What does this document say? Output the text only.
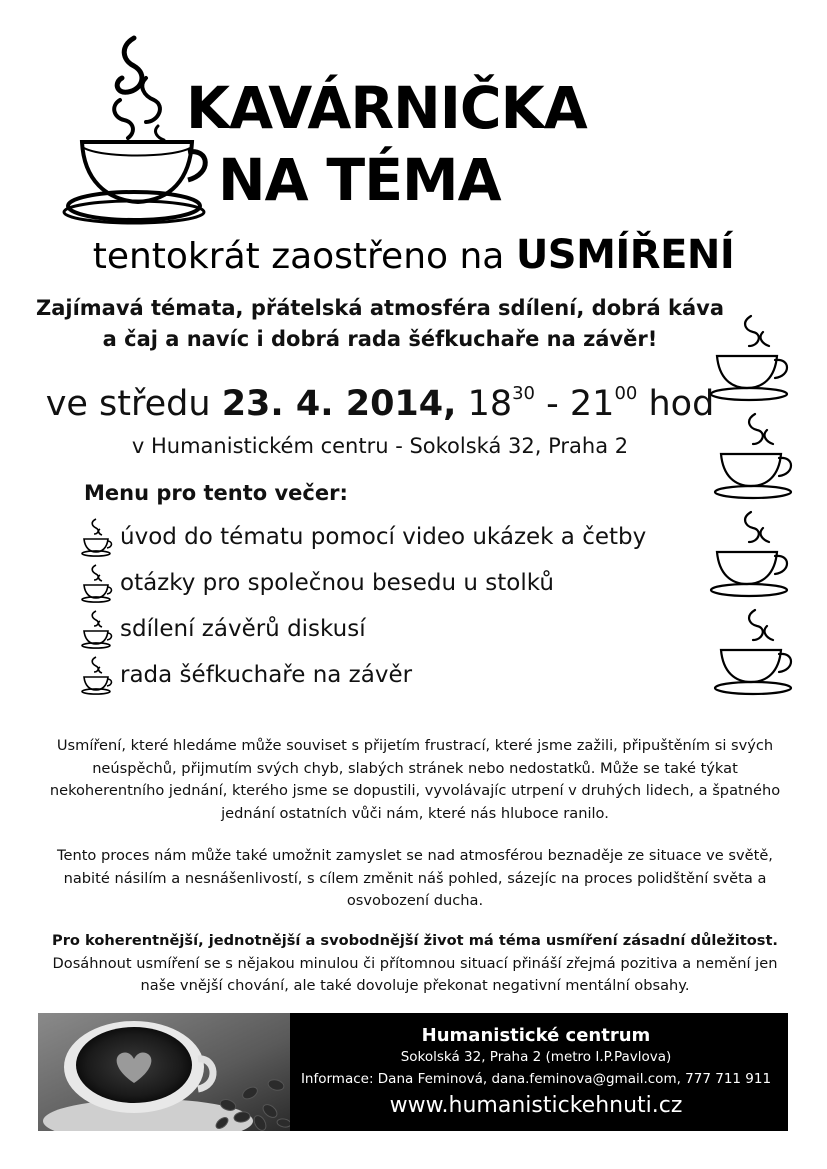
KAVÁRNIČKA
NA TÉMA
tentokrát zaostřeno na USMÍŘENÍ
Zajímavá témata, přátelská atmosféra sdílení, dobrá káva
a čaj a navíc i dobrá rada šéfkuchaře na závěr!
ve středu 23. 4. 2014, $18^{30} - 21^{00}$ hod
v Humanistickém centru - Sokolská 32, Praha 2
Menu pro tento večer:
úvod do tématu pomocí video ukázek a četby
otázky pro společnou besedu u stolků
sdílení závěrů diskusí
rada šéfkuchaře na závěr
Usmíření, které hledáme může souviset s přijetím frustrací, které jsme zažili, připuštěním si svých neúspěchů, přijmutím svých chyb, slabých stránek nebo nedostatků. Může se také týkat nekoherentního jednání, kterého jsme se dopustili, vyvolávajíc utrpení v druhých lidech, a špatného jednání ostatních vůči nám, které nás hluboce ranilo.
Tento proces nám může také umožnit zamyslet se nad atmosférou beznaděje ze situace ve světě, nabité násilím a nesnášenlivostí, s cílem změnit náš pohled, sázejíc na proces polidštění světa a osvobození ducha.
Pro koherentnější, jednotnější a svobodnější život má téma usmíření zásadní důležitost. Dosáhnout usmíření se s nějakou minulou či přítomnou situací přináší zřejmá pozitiva a nemění jen naše vnější chování, ale také dovoluje překonat negativní mentální obsahy.
Humanistické centrum
Sokolská 32, Praha 2 (metro I.P.Pavlova)
Informace: Dana Feminová, dana.feminova@gmail.com, 777 711 911
www.humanistickehnuti.cz
